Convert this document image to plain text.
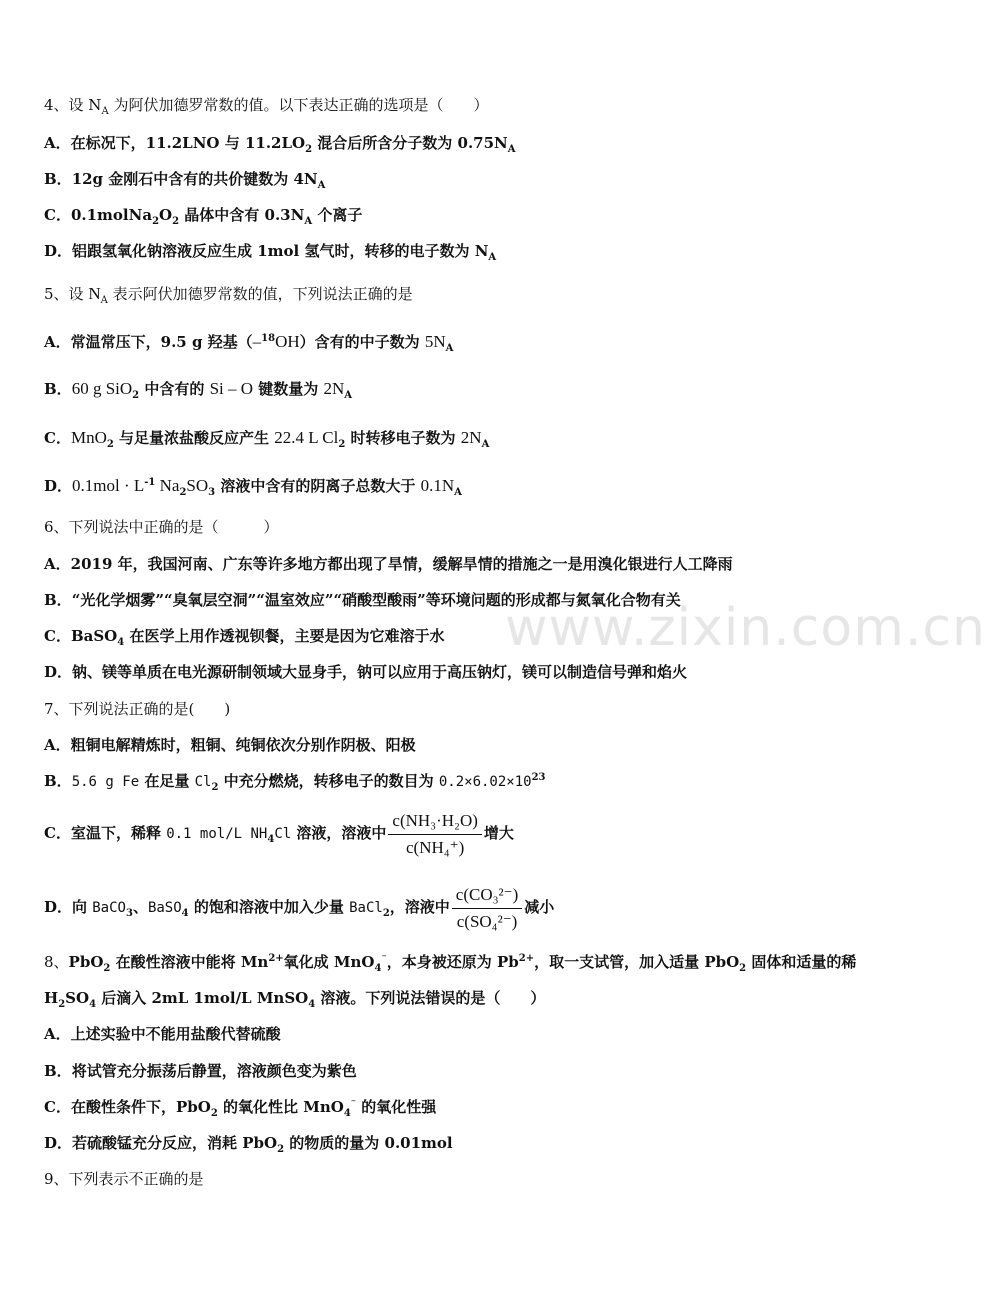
www.zixin.com.cn
4、设 $N_A$ 为阿伏加德罗常数的值。以下表达正确的选项是（　　）
A．在标况下，11.2LNO 与 $11.2LO_2$ 混合后所含分子数为 $0.75N_A$
B．12g 金刚石中含有的共价键数为 $4N_A$
C．$0.1molNa_2O_2$ 晶体中含有 $0.3N_A$ 个离子
D．铝跟氢氧化钠溶液反应生成 1mol 氢气时，转移的电子数为 $N_A$
5、设 $N_A$ 表示阿伏加德罗常数的值，下列说法正确的是
A．常温常压下，9.5 g 羟基（–$^{18}$OH）含有的中子数为 $5N_A$
B．60 g SiO$_2$ 中含有的 Si – O 键数量为 $2N_A$
C．MnO$_2$ 与足量浓盐酸反应产生 22.4 L $Cl_2$ 时转移电子数为 $2N_A$
D．$0.1mol \cdot L^{-1}$ $Na_2SO_3$ 溶液中含有的阴离子总数大于 $0.1N_A$
6、下列说法中正确的是（　　　）
A．2019 年，我国河南、广东等许多地方都出现了旱情，缓解旱情的措施之一是用溴化银进行人工降雨
B．“光化学烟雾”“臭氧层空洞”“温室效应”“硝酸型酸雨”等环境问题的形成都与氮氧化合物有关
C．BaSO$_4$ 在医学上用作透视钡餐，主要是因为它难溶于水
D．钠、镁等单质在电光源研制领域大显身手，钠可以应用于高压钠灯，镁可以制造信号弹和焰火
7、下列说法正确的是(　　)
A．粗铜电解精炼时，粗铜、纯铜依次分别作阴极、阳极
B．5.6 g Fe 在足量 $Cl_2$ 中充分燃烧，转移电子的数目为 $0.2\times 6.02\times 10^{23}$
C．室温下，稀释 0.1 mol/L $NH_4Cl$ 溶液，溶液中 $\frac{\text{c(NH₃·H₂O)}}{\text{c(NH₄⁺)}}$ 增大
D．向 BaCO$_3$、BaSO$_4$ 的饱和溶液中加入少量 BaCl$_2$，溶液中 $\frac{\text{c(CO₃²⁻)}}{\text{c(SO₄²⁻)}}$ 减小
8、PbO$_2$ 在酸性溶液中能将 $Mn^{2+}$氧化成 MnO$_4$⁻，本身被还原为 $Pb^{2+}$，取一支试管，加入适量 PbO$_2$ 固体和适量的稀
$H_2SO_4$ 后滴入 2mL 1mol/L MnSO$_4$ 溶液。下列说法错误的是（　　）
A．上述实验中不能用盐酸代替硫酸
B．将试管充分振荡后静置，溶液颜色变为紫色
C．在酸性条件下，PbO$_2$ 的氧化性比 MnO$_4$⁻ 的氧化性强
D．若硫酸锰充分反应，消耗 PbO$_2$ 的物质的量为 0.01mol
9、下列表示不正确的是
